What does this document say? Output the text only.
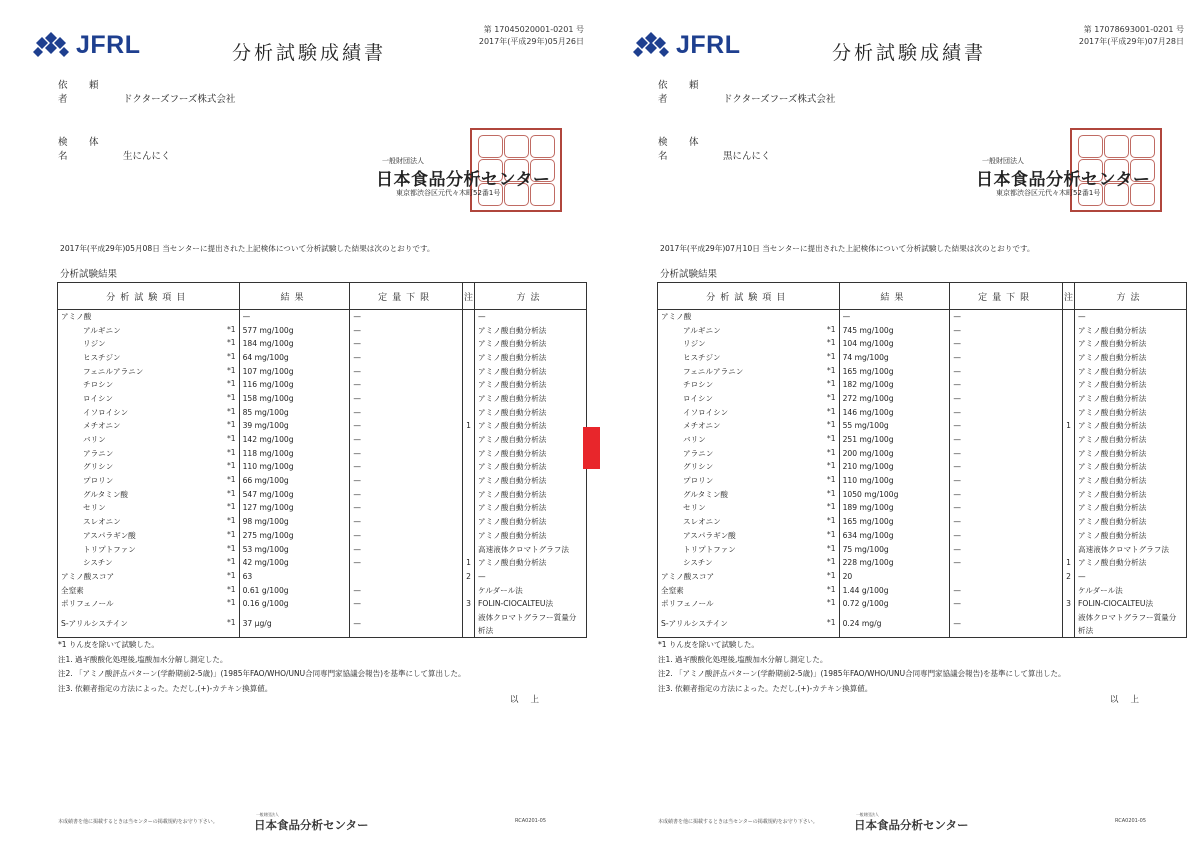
JFRL	分析試験成績書
第 17045020001-0201 号
2017年(平成29年)05月26日
依　頼　者	ドクターズフーズ株式会社
検　体　名	生にんにく	一般財団法人
日本食品分析センター
東京都渋谷区元代々木町52番1号
2017年(平成29年)05月08日 当センターに提出された上記検体について分析試験した結果は次のとおりです。
分析試験結果
分析試験項目	結果	定量下限	注	方法

アミノ酸	—	—		—

アルギニン *1	577 mg/100g	—		アミノ酸自動分析法

リジン *1	184 mg/100g	—		アミノ酸自動分析法

ヒスチジン *1	64 mg/100g	—		アミノ酸自動分析法

フェニルアラニン *1	107 mg/100g	—		アミノ酸自動分析法

チロシン *1	116 mg/100g	—		アミノ酸自動分析法

ロイシン *1	158 mg/100g	—		アミノ酸自動分析法

イソロイシン *1	85 mg/100g	—		アミノ酸自動分析法

メチオニン *1	39 mg/100g	—	1	アミノ酸自動分析法

バリン *1	142 mg/100g	—		アミノ酸自動分析法

アラニン *1	118 mg/100g	—		アミノ酸自動分析法

グリシン *1	110 mg/100g	—		アミノ酸自動分析法

プロリン *1	66 mg/100g	—		アミノ酸自動分析法

グルタミン酸 *1	547 mg/100g	—		アミノ酸自動分析法

セリン *1	127 mg/100g	—		アミノ酸自動分析法

スレオニン *1	98 mg/100g	—		アミノ酸自動分析法

アスパラギン酸 *1	275 mg/100g	—		アミノ酸自動分析法

トリプトファン *1	53 mg/100g	—		高速液体クロマトグラフ法

シスチン *1	42 mg/100g	—	1	アミノ酸自動分析法

アミノ酸スコア *1	63		2	—

全窒素 *1	0.61 g/100g	—		ケルダール法

ポリフェノール *1	0.16 g/100g	—	3	FOLIN-CIOCALTEU法

S-アリルシステイン *1	37 μg/g	—		液体クロマトグラフー質量分析法
*1 りん皮を除いて試験した。
注1. 過ギ酸酸化処理後,塩酸加水分解し測定した。
注2. 「アミノ酸評点パターン(学齢期前2-5歳)」(1985年FAO/WHO/UNU合同専門家協議会報告)を基準にして算出した。
注3. 依頼者指定の方法によった。ただし,(+)-カテキン換算値。
以上
本成績書を他に掲載するときは当センターの掲載規約をお守り下さい。
一般財団法人
日本食品分析センター	RCA0201-05
JFRL	分析試験成績書
第 17078693001-0201 号
2017年(平成29年)07月28日
依　頼　者	ドクターズフーズ株式会社
検　体　名	黒にんにく	一般財団法人
日本食品分析センター
東京都渋谷区元代々木町52番1号
2017年(平成29年)07月10日 当センターに提出された上記検体について分析試験した結果は次のとおりです。
分析試験結果
分析試験項目	結果	定量下限	注	方法

アミノ酸	—	—		—

アルギニン *1	745 mg/100g	—		アミノ酸自動分析法

リジン *1	104 mg/100g	—		アミノ酸自動分析法

ヒスチジン *1	74 mg/100g	—		アミノ酸自動分析法

フェニルアラニン *1	165 mg/100g	—		アミノ酸自動分析法

チロシン *1	182 mg/100g	—		アミノ酸自動分析法

ロイシン *1	272 mg/100g	—		アミノ酸自動分析法

イソロイシン *1	146 mg/100g	—		アミノ酸自動分析法

メチオニン *1	55 mg/100g	—	1	アミノ酸自動分析法

バリン *1	251 mg/100g	—		アミノ酸自動分析法

アラニン *1	200 mg/100g	—		アミノ酸自動分析法

グリシン *1	210 mg/100g	—		アミノ酸自動分析法

プロリン *1	110 mg/100g	—		アミノ酸自動分析法

グルタミン酸 *1	1050 mg/100g	—		アミノ酸自動分析法

セリン *1	189 mg/100g	—		アミノ酸自動分析法

スレオニン *1	165 mg/100g	—		アミノ酸自動分析法

アスパラギン酸 *1	634 mg/100g	—		アミノ酸自動分析法

トリプトファン *1	75 mg/100g	—		高速液体クロマトグラフ法

シスチン *1	228 mg/100g	—	1	アミノ酸自動分析法

アミノ酸スコア *1	20		2	—

全窒素 *1	1.44 g/100g	—		ケルダール法

ポリフェノール *1	0.72 g/100g	—	3	FOLIN-CIOCALTEU法

S-アリルシステイン *1	0.24 mg/g	—		液体クロマトグラフー質量分析法
*1 りん皮を除いて試験した。
注1. 過ギ酸酸化処理後,塩酸加水分解し測定した。
注2. 「アミノ酸評点パターン(学齢期前2-5歳)」(1985年FAO/WHO/UNU合同専門家協議会報告)を基準にして算出した。
注3. 依頼者指定の方法によった。ただし,(+)-カテキン換算値。
以上
本成績書を他に掲載するときは当センターの掲載規約をお守り下さい。
一般財団法人
日本食品分析センター	RCA0201-05
